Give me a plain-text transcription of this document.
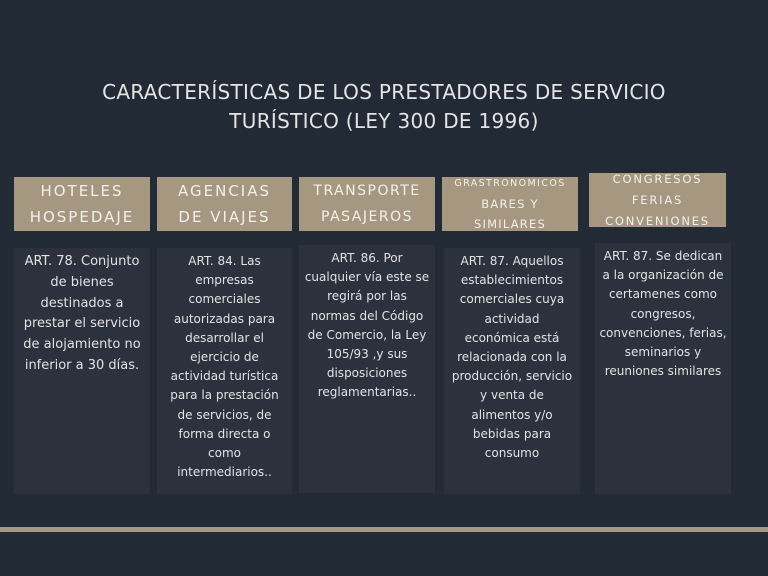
CARACTERÍSTICAS DE LOS PRESTADORES DE SERVICIO
TURÍSTICO (LEY 300 DE 1996)
HOTELES
HOSPEDAJE
ART. 78. Conjunto
de bienes
destinados a
prestar el servicio
de alojamiento no
inferior a 30 días.
AGENCIAS
DE VIAJES
ART. 84. Las
empresas
comerciales
autorizadas para
desarrollar el
ejercicio de
actividad turística
para la prestación
de servicios, de
forma directa o
como
intermediarios..
TRANSPORTE
PASAJEROS
ART. 86. Por
cualquier vía este se
regirá por las
normas del Código
de Comercio, la Ley
105/93 ,y sus
disposiciones
reglamentarias..
GRASTRONOMICOS
BARES Y
SIMILARES
ART. 87. Aquellos
establecimientos
comerciales cuya
actividad
económica está
relacionada con la
producción, servicio
y venta de
alimentos y/o
bebidas para
consumo
CONGRESOS
FERIAS
CONVENIONES
ART. 87. Se dedican
a la organización de
certamenes como
congresos,
convenciones, ferias,
seminarios y
reuniones similares
